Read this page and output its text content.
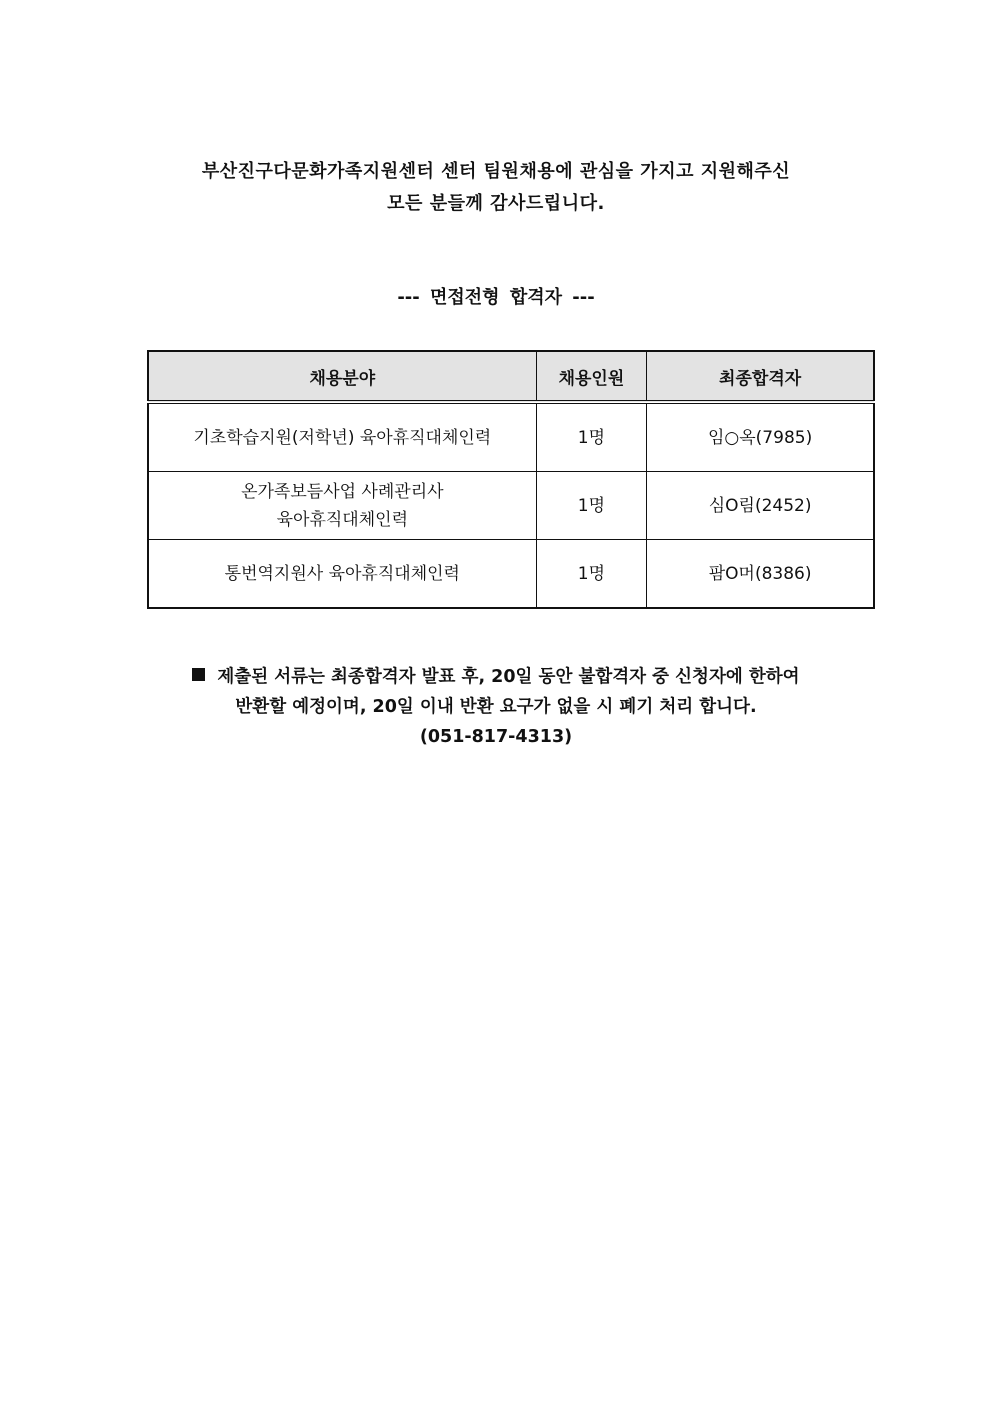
부산진구다문화가족지원센터 센터 팀원채용에 관심을 가지고 지원해주신
모든 분들께 감사드립니다.
--- 면접전형 합격자 ---
채용분야	채용인원	최종합격자
기초학습지원(저학년) 육아휴직대체인력	1명	임○옥(7985)

온가족보듬사업 사례관리사
육아휴직대체인력	1명	심O림(2452)
통번역지원사 육아휴직대체인력	1명	팜O머(8386)
제출된 서류는 최종합격자 발표 후, 20일 동안 불합격자 중 신청자에 한하여
반환할 예정이며, 20일 이내 반환 요구가 없을 시 폐기 처리 합니다.
(051-817-4313)
